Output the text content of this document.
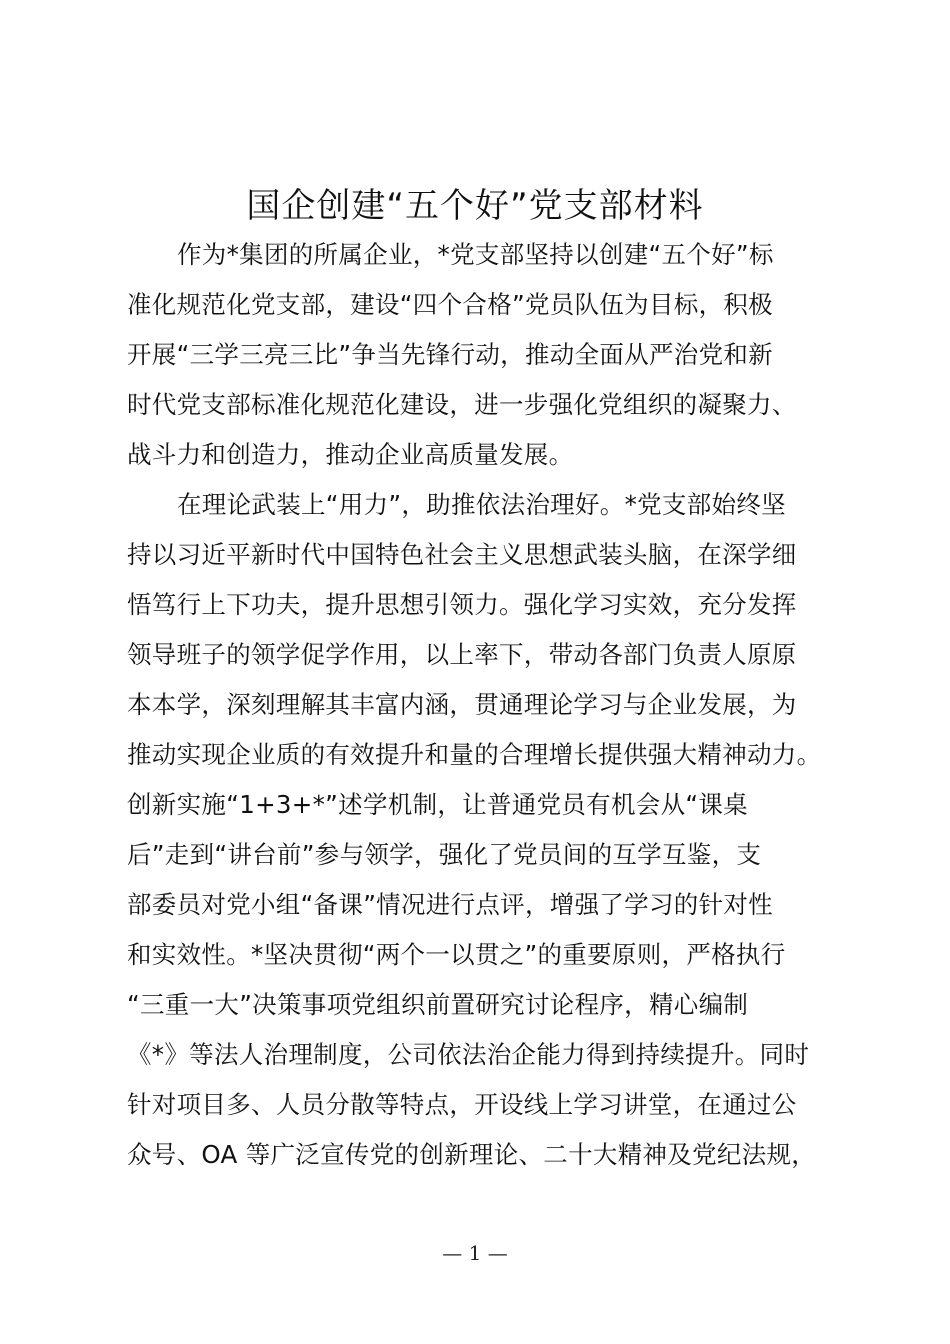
国企创建“五个好”党支部材料
作为*集团的所属企业，*党支部坚持以创建“五个好”标
准化规范化党支部，建设“四个合格”党员队伍为目标，积极
开展“三学三亮三比”争当先锋行动，推动全面从严治党和新
时代党支部标准化规范化建设，进一步强化党组织的凝聚力、
战斗力和创造力，推动企业高质量发展。
在理论武装上“用力”，助推依法治理好。*党支部始终坚
持以习近平新时代中国特色社会主义思想武装头脑，在深学细
悟笃行上下功夫，提升思想引领力。强化学习实效，充分发挥
领导班子的领学促学作用，以上率下，带动各部门负责人原原
本本学，深刻理解其丰富内涵，贯通理论学习与企业发展，为
推动实现企业质的有效提升和量的合理增长提供强大精神动力。
创新实施“1+3+*”述学机制，让普通党员有机会从“课桌
后”走到“讲台前”参与领学，强化了党员间的互学互鉴，支
部委员对党小组“备课”情况进行点评，增强了学习的针对性
和实效性。*坚决贯彻“两个一以贯之”的重要原则，严格执行
“三重一大”决策事项党组织前置研究讨论程序，精心编制
《*》等法人治理制度，公司依法治企能力得到持续提升。同时
针对项目多、人员分散等特点，开设线上学习讲堂，在通过公
众号、OA 等广泛宣传党的创新理论、二十大精神及党纪法规，
— 1 —
